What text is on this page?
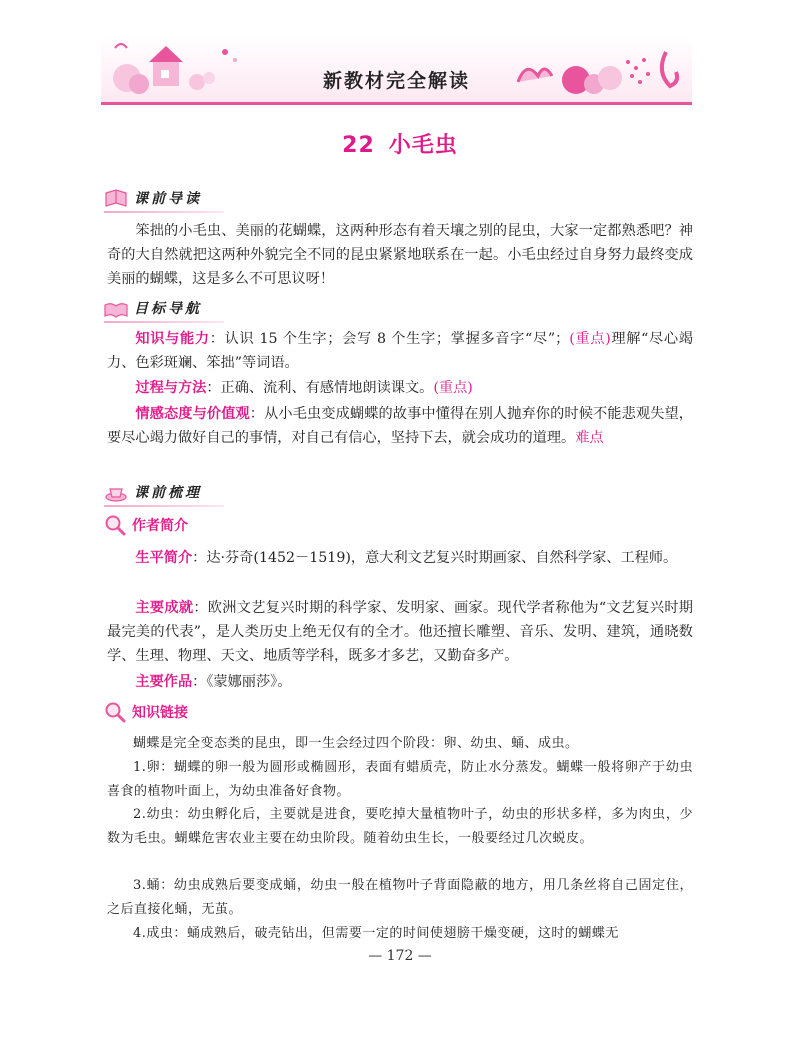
新教材完全解读
22 小毛虫
课前导读

笨拙的小毛虫、美丽的花蝴蝶，这两种形态有着天壤之别的昆虫，大家一定都熟悉吧？神奇的大自然就把这两种外貌完全不同的昆虫紧紧地联系在一起。小毛虫经过自身努力最终变成美丽的蝴蝶，这是多么不可思议呀！

目标导航

知识与能力：认识 15 个生字；会写 8 个生字；掌握多音字“尽”；(重点)理解“尽心竭力、色彩斑斓、笨拙”等词语。

过程与方法：正确、流利、有感情地朗读课文。(重点)

情感态度与价值观：从小毛虫变成蝴蝶的故事中懂得在别人抛弃你的时候不能悲观失望，要尽心竭力做好自己的事情，对自己有信心，坚持下去，就会成功的道理。难点

课前梳理
作者简介

生平简介：达·芬奇(1452－1519)，意大利文艺复兴时期画家、自然科学家、工程师。

主要成就：欧洲文艺复兴时期的科学家、发明家、画家。现代学者称他为“文艺复兴时期最完美的代表”，是人类历史上绝无仅有的全才。他还擅长雕塑、音乐、发明、建筑，通晓数学、生理、物理、天文、地质等学科，既多才多艺，又勤奋多产。

主要作品：《蒙娜丽莎》。

知识链接

蝴蝶是完全变态类的昆虫，即一生会经过四个阶段：卵、幼虫、蛹、成虫。

1.卵：蝴蝶的卵一般为圆形或椭圆形，表面有蜡质壳，防止水分蒸发。蝴蝶一般将卵产于幼虫喜食的植物叶面上，为幼虫准备好食物。

2.幼虫：幼虫孵化后，主要就是进食，要吃掉大量植物叶子，幼虫的形状多样，多为肉虫，少数为毛虫。蝴蝶危害农业主要在幼虫阶段。随着幼虫生长，一般要经过几次蜕皮。

3.蛹：幼虫成熟后要变成蛹，幼虫一般在植物叶子背面隐蔽的地方，用几条丝将自己固定住，之后直接化蛹，无茧。

4.成虫：蛹成熟后，破壳钻出，但需要一定的时间使翅膀干燥变硬，这时的蝴蝶无

— 172 —
